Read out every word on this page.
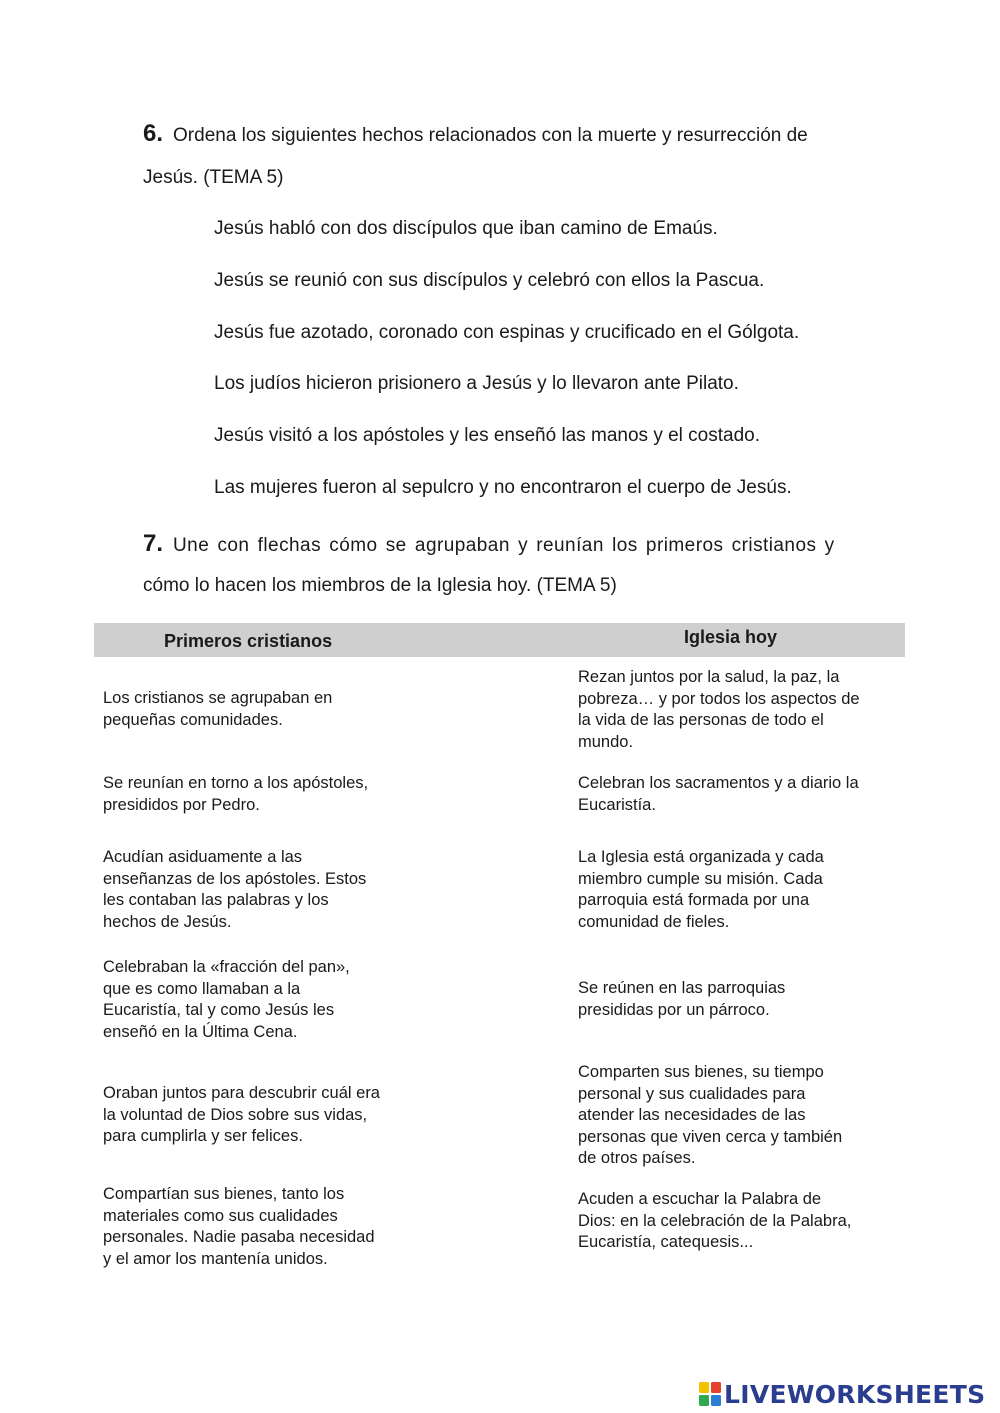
6. Ordena los siguientes hechos relacionados con la muerte y resurrección de
Jesús. (TEMA 5)
Jesús habló con dos discípulos que iban camino de Emaús.
Jesús se reunió con sus discípulos y celebró con ellos la Pascua.
Jesús fue azotado, coronado con espinas y crucificado en el Gólgota.
Los judíos hicieron prisionero a Jesús y lo llevaron ante Pilato.
Jesús visitó a los apóstoles y les enseñó las manos y el costado.
Las mujeres fueron al sepulcro y no encontraron el cuerpo de Jesús.
7. Une con flechas cómo se agrupaban y reunían los primeros cristianos y
cómo lo hacen los miembros de la Iglesia hoy. (TEMA 5)
Primeros cristianos	Iglesia hoy
Los cristianos se agrupaban en
pequeñas comunidades.
Se reunían en torno a los apóstoles,
presididos por Pedro.
Acudían asiduamente a las
enseñanzas de los apóstoles. Estos
les contaban las palabras y los
hechos de Jesús.
Celebraban la «fracción del pan»,
que es como llamaban a la
Eucaristía, tal y como Jesús les
enseñó en la Última Cena.
Oraban juntos para descubrir cuál era
la voluntad de Dios sobre sus vidas,
para cumplirla y ser felices.
Compartían sus bienes, tanto los
materiales como sus cualidades
personales. Nadie pasaba necesidad
y el amor los mantenía unidos.
Rezan juntos por la salud, la paz, la
pobreza… y por todos los aspectos de
la vida de las personas de todo el
mundo.
Celebran los sacramentos y a diario la
Eucaristía.
La Iglesia está organizada y cada
miembro cumple su misión. Cada
parroquia está formada por una
comunidad de fieles.
Se reúnen en las parroquias
presididas por un párroco.
Comparten sus bienes, su tiempo
personal y sus cualidades para
atender las necesidades de las
personas que viven cerca y también
de otros países.
Acuden a escuchar la Palabra de
Dios: en la celebración de la Palabra,
Eucaristía, catequesis...
LIVEWORKSHEETS
